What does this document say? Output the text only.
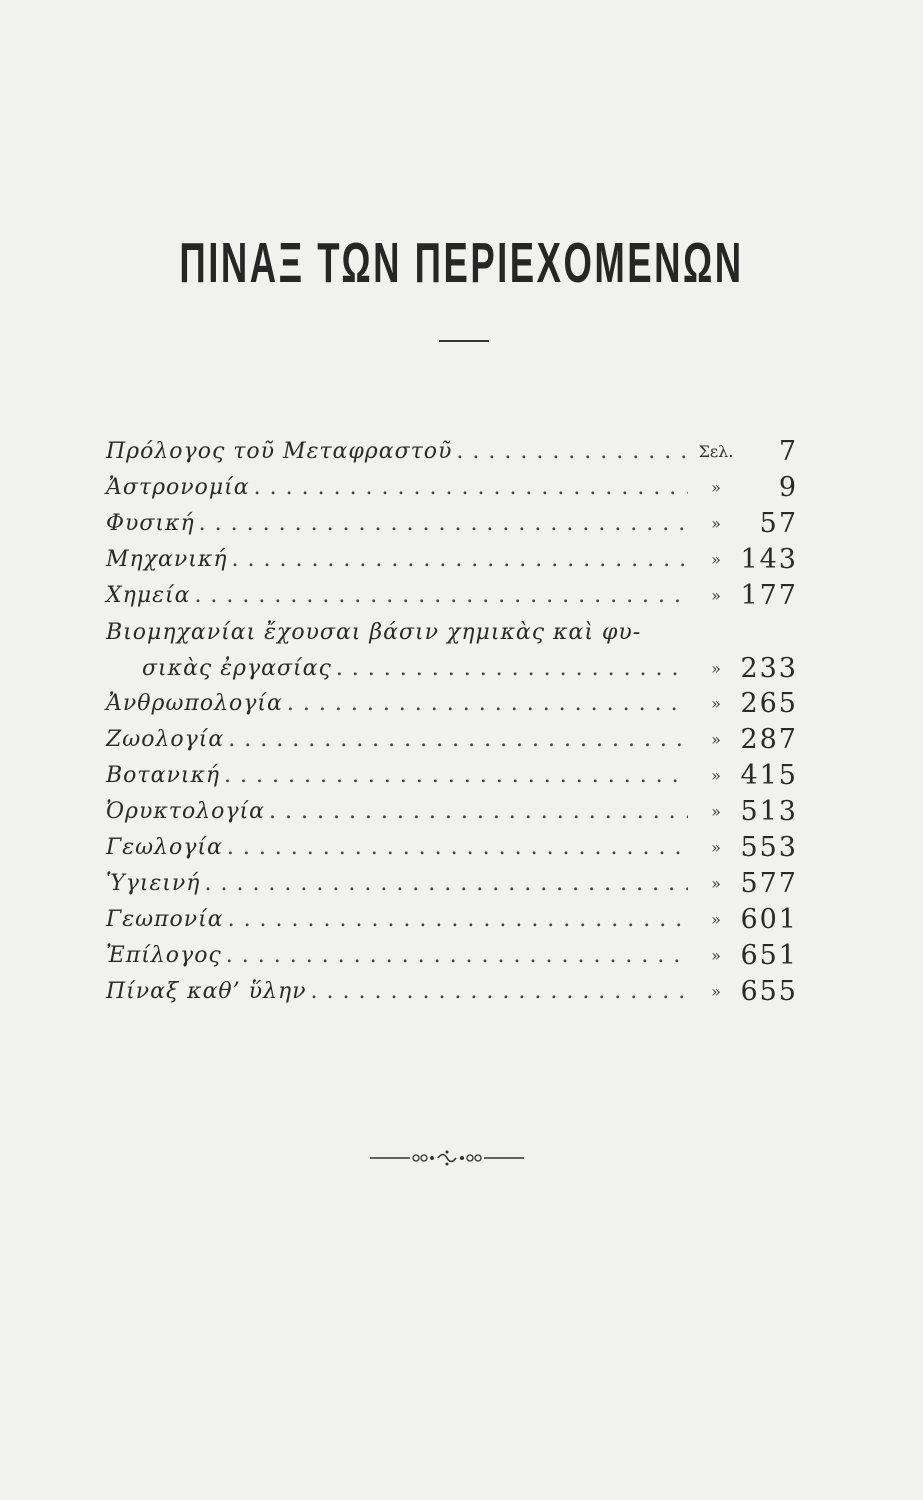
ΠΙΝΑΞ ΤΩΝ ΠΕΡΙΕΧΟΜΕΝΩΝ
Πρόλογος τοῦ Μεταφραστοῦ . . .	Σελ.	7
Ἀστρονομία . . .	»	9
Φυσική . . .	»	57
Μηχανική . . .	» 143
Χημεία . . .	» 177
Βιομηχανίαι ἔχουσαι βάσιν χημικὰς καὶ φυ-
σικὰς ἐργασίας . . .	» 233
Ἀνθρωπολογία . . .	» 265
Ζωολογία . . .	» 287
Βοτανική . . .	» 415
Ὀρυκτολογία . . .	» 513
Γεωλογία . . .	» 553
Ὑγιεινή . . .	» 577
Γεωπονία . . .	» 601
Ἐπίλογος . . .	» 651
Πίναξ καθ’ ὕλην . . .	» 655
